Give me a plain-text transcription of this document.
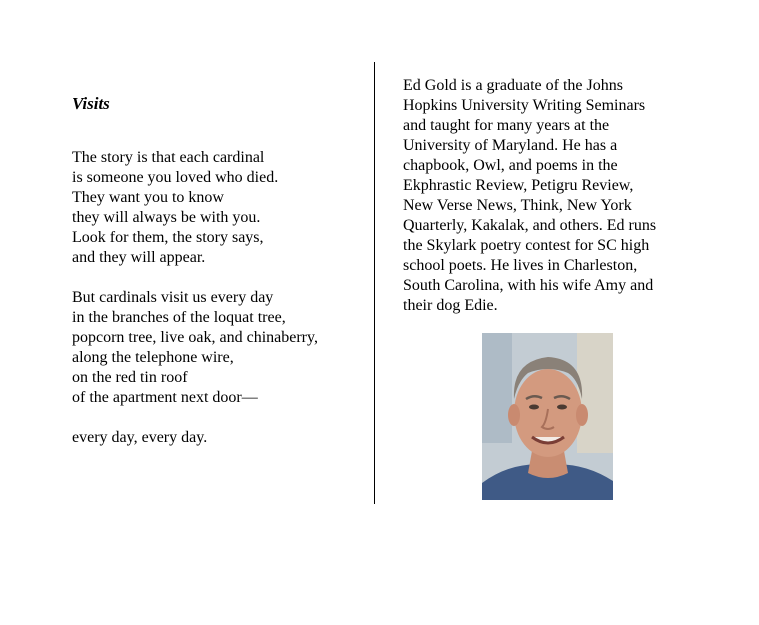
Visits
The story is that each cardinal
is someone you loved who died.
They want you to know
they will always be with you.
Look for them, the story says,
and they will appear.
But cardinals visit us every day
in the branches of the loquat tree,
popcorn tree, live oak, and chinaberry,
along the telephone wire,
on the red tin roof
of the apartment next door—
every day, every day.
Ed Gold is a graduate of the Johns
Hopkins University Writing Seminars
and taught for many years at the
University of Maryland. He has a
chapbook, Owl, and poems in the
Ekphrastic Review, Petigru Review,
New Verse News, Think, New York
Quarterly, Kakalak, and others. Ed runs
the Skylark poetry contest for SC high
school poets. He lives in Charleston,
South Carolina, with his wife Amy and
their dog Edie.
